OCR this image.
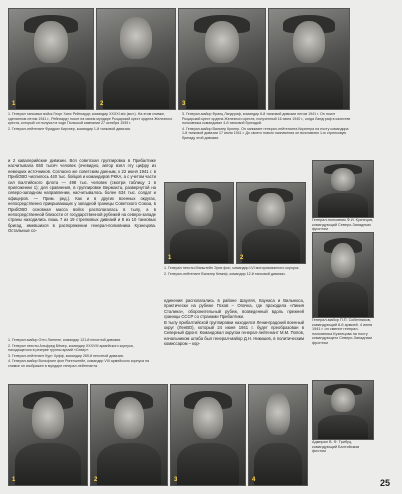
1	2	3

1. Генерал танковых войск Георг Ханс Рейнхардт, командир XXXXI м/к (мот.). На этом снимке, сделанном летом 1941 г., Рейнхардт носит на своем мундире Рыцарский крест ордена Железного креста, который он получил в ходе Польской кампании 27 октября 1939 г.

2. Генерал-лейтенант Фридрих Кирхнер, командир 1-й танковой дивизии.

3. Генерал-майор Франц Ландграф, командир 6-й танковой дивизии летом 1941 г. Он носит Рыцарский крест ордена Железного креста, полученный 16 июня 1940 г., когда Ландграф в качестве полковника командовал 4-й танковой бригадой.

4. Генерал-майор Вальтер Крюгер. Он занимает генерал-лейтенанта Кирхнера на посту командира 1-й танковой дивизии 17 июля 1941 г. До своего нового назначения он возглавлял 1-ю стрелковую бригаду этой дивизии.

Генерал-полковник Ф.И. Кузнецов, командующий Северо-Западным фронтом
и 2 кавалерийские дивизии. Вся советская группировка в Прибалтике насчитывала 650 тысяч человек (очевидно, автор взял эту цифру из немецких источников. Согласно же советским данным, к 22 июня 1941 г. в ПрибОВО числилось 440 тыс. бойцов и командиров РККА, а с учетом части сил Балтийского флота — 498 тыс. человек (смотри таблицу 1 в приложении 1); для сравнения, в группировке Вермахта, развернутой на северо-западном направлении, насчитывалось более 634 тыс. солдат и офицеров. — Прим. ред.). Как и в других военных округах, непосредственно прикрывающих у западной границы Советского Союза, в ПрибОВО основная масса войск располагалась в тылу, а в непосредственной близости от государственной рубежей на северо-западе страны находились лишь 7 из 19 стрелковых дивизий и 8 из 10 танковых бригад, имевшихся в распоряжении генерал-полковника Кузнецова. Остальные со-
1	2

1. Генерал пехоты Манштейн Эрих фон, командир LVI моторизованного корпуса.

2. Генерал-лейтенант Вальтер Кемпф, командир 12-й танковой дивизии.

Генерал-майор П.П. Собенников, командующий 8-й армией. 4 июля 1941 г. он сменит генерал-полковника Кузнецова на посту командующего Северо-Западным фронтом

1. Генерал-майор Отто Лангеле, командир 121-й пехотной дивизии.

2. Генерал пехоты Альфред Бёмер, командир XXXVIII армейского корпуса, находящегося в резерве группы армий «Север».

3. Генерал-лейтенант Курт Хуфф, командир 269-й пехотной дивизии.

4. Генерал-майор Вольфганг фон Ригенштейн, командир VIII армейского корпуса на снимке он изображен в мундире генерал-лейтенанта.

единения располагались в районе Шауляя, Каунаса и Вильнюса, практически на рубеже Псков – Опочка, где проходила «Линия Сталина», оборонительный рубеж, возведенный вдоль прежней границы СССР со странами Прибалтики.
В тылу прибалтийской группировки находился Ленинградский военный округ (ЛенВО), который 24 июня 1941 г. будет преобразован в Северный фронт. Командовал округом генерал-лейтенант М.М. Попов, начальником штаба был генерал-майор Д.Н. Никишев, в политическим комиссаром – кор-
1	2	3	4
Адмирал В. Ф. Трибуц, командующий Балтийским флотом
25
